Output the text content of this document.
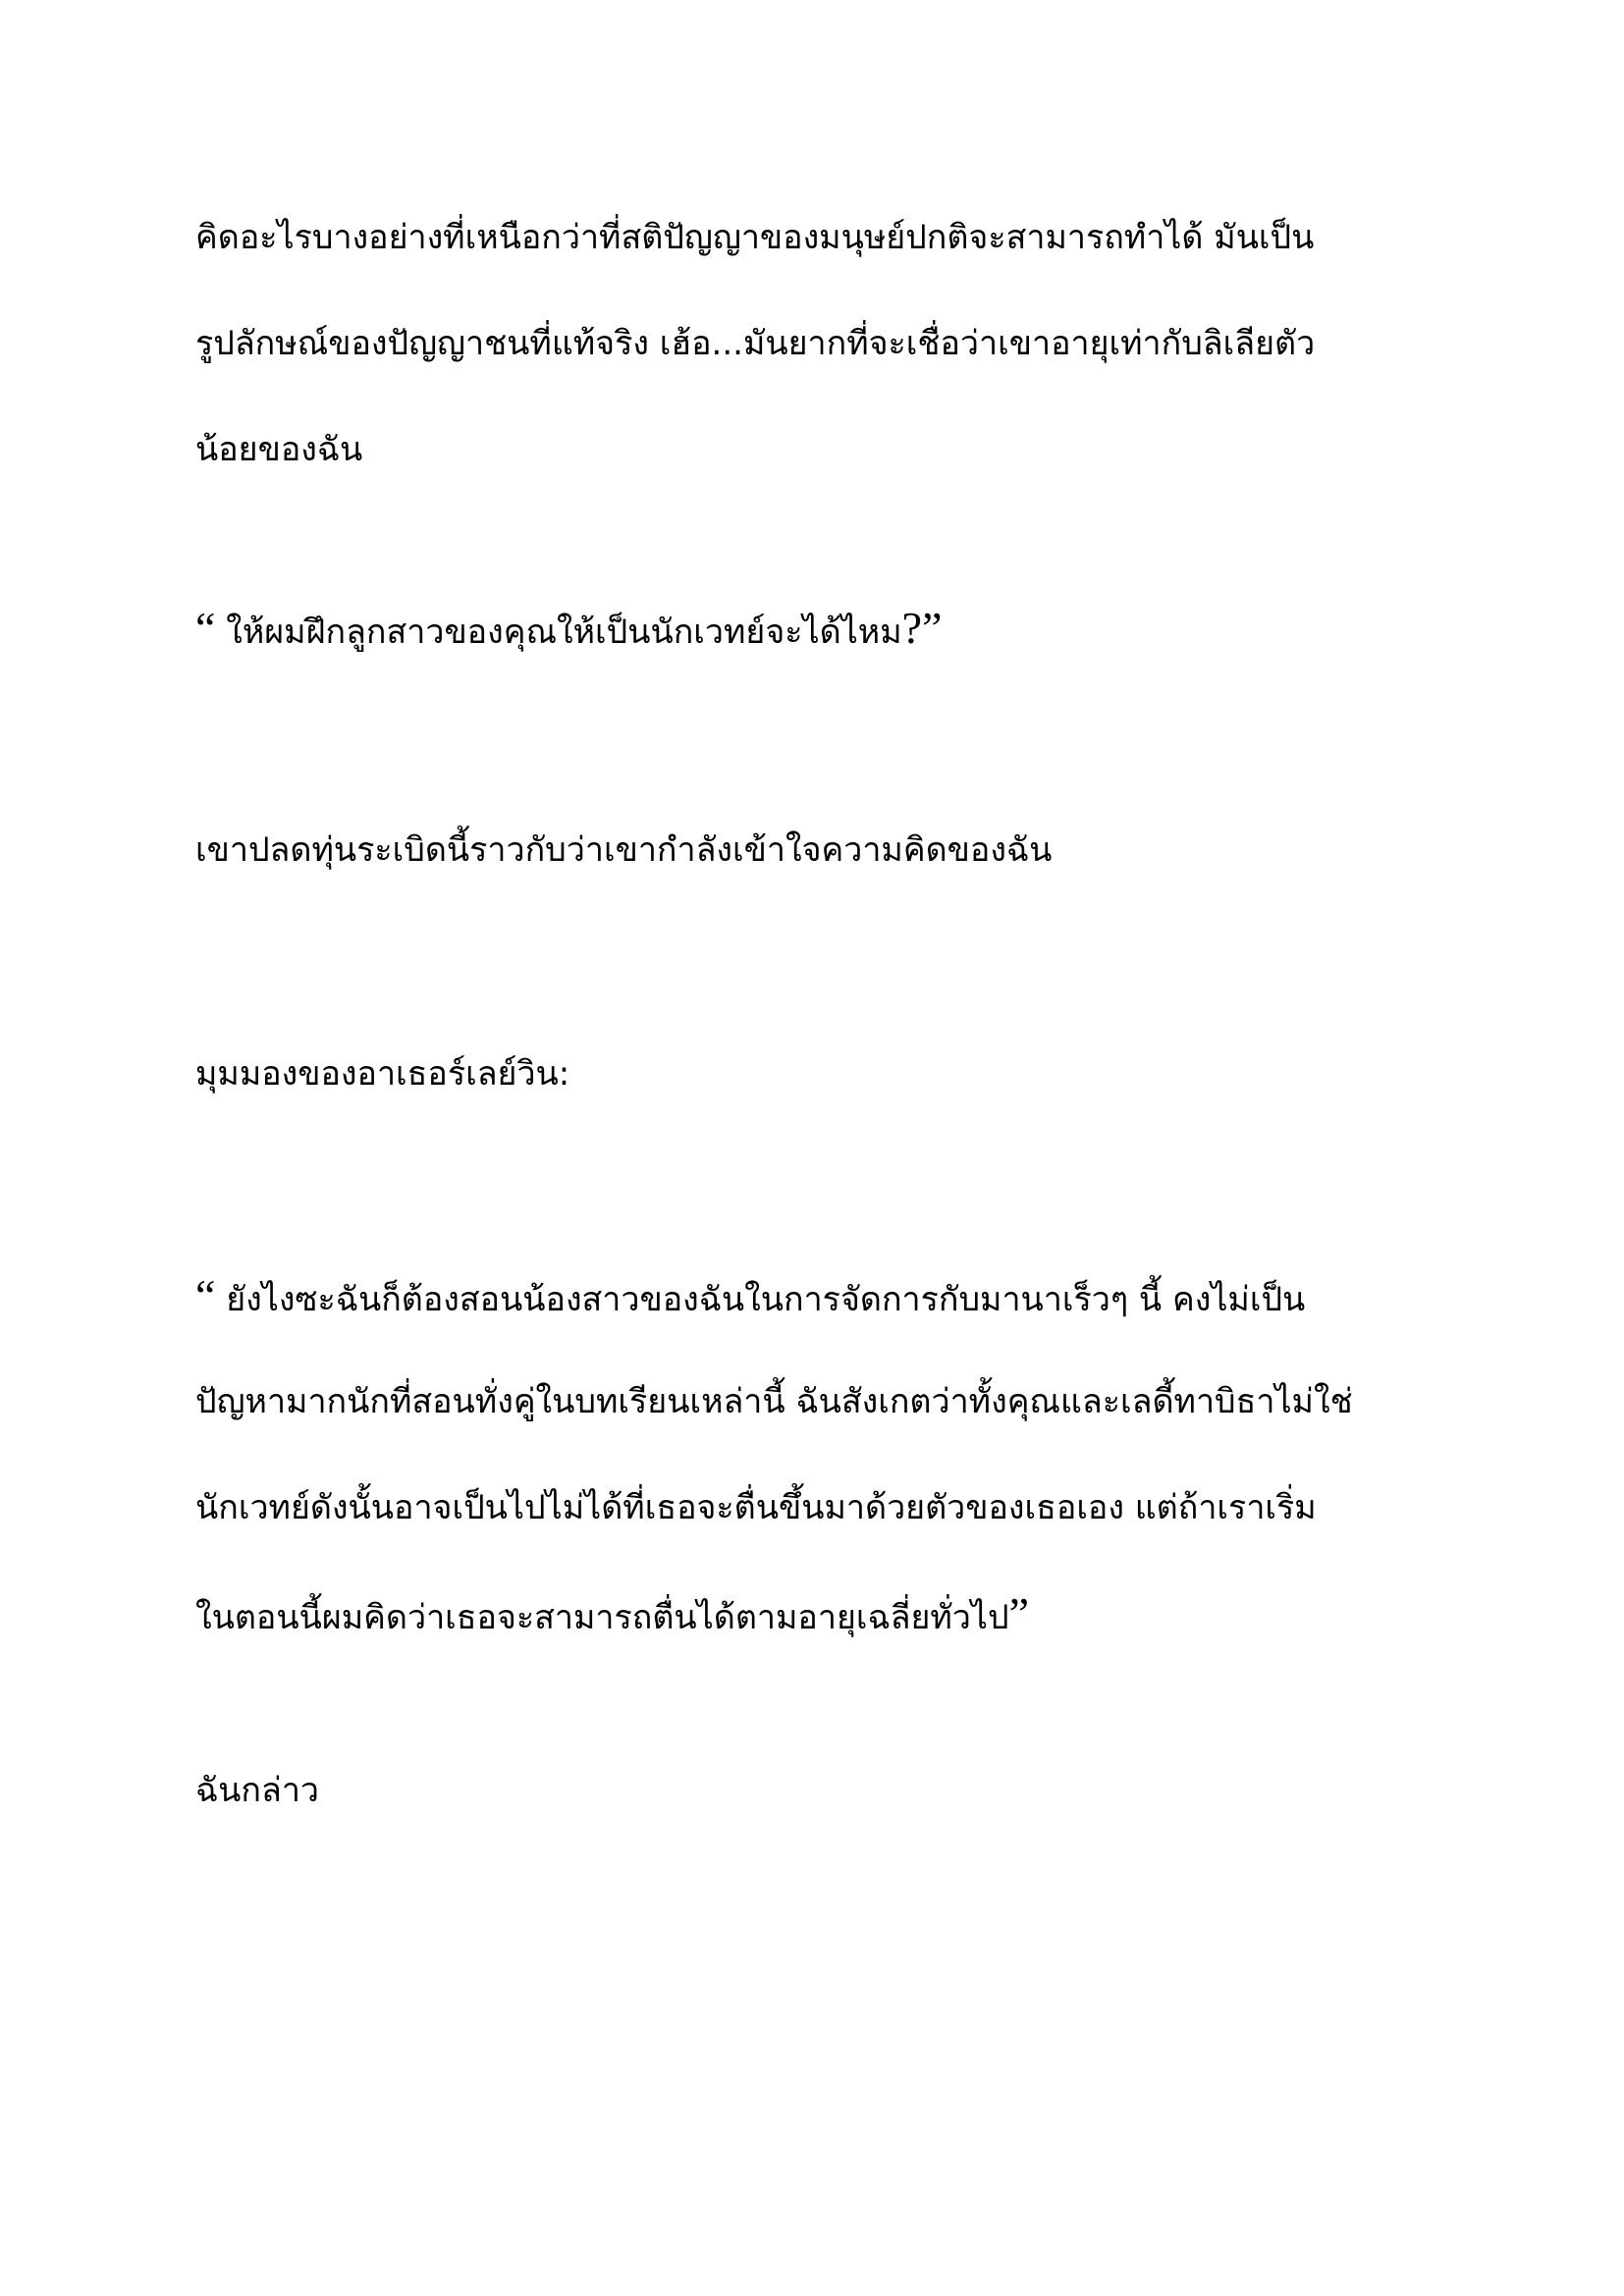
คิดอะไรบางอย่างที่เหนือกว่าที่สติปัญญาของมนุษย์ปกติจะสามารถทำได้ มันเป็น
รูปลักษณ์ของปัญญาชนที่แท้จริง เฮ้อ...มันยากที่จะเชื่อว่าเขาอายุเท่ากับลิเลียตัว
น้อยของฉัน

“ ให้ผมฝึกลูกสาวของคุณให้เป็นนักเวทย์จะได้ไหม?”

เขาปลดทุ่นระเบิดนี้ราวกับว่าเขากำลังเข้าใจความคิดของฉัน

มุมมองของอาเธอร์เลย์วิน:

“ ยังไงซะฉันก็ต้องสอนน้องสาวของฉันในการจัดการกับมานาเร็วๆ นี้ คงไม่เป็น
ปัญหามากนักที่สอนทั่งคู่ในบทเรียนเหล่านี้ ฉันสังเกตว่าทั้งคุณและเลดี้ทาบิธาไม่ใช่
นักเวทย์ดังนั้นอาจเป็นไปไม่ได้ที่เธอจะตื่นขึ้นมาด้วยตัวของเธอเอง แต่ถ้าเราเริ่ม
ในตอนนี้ผมคิดว่าเธอจะสามารถตื่นได้ตามอายุเฉลี่ยทั่วไป”

ฉันกล่าว
